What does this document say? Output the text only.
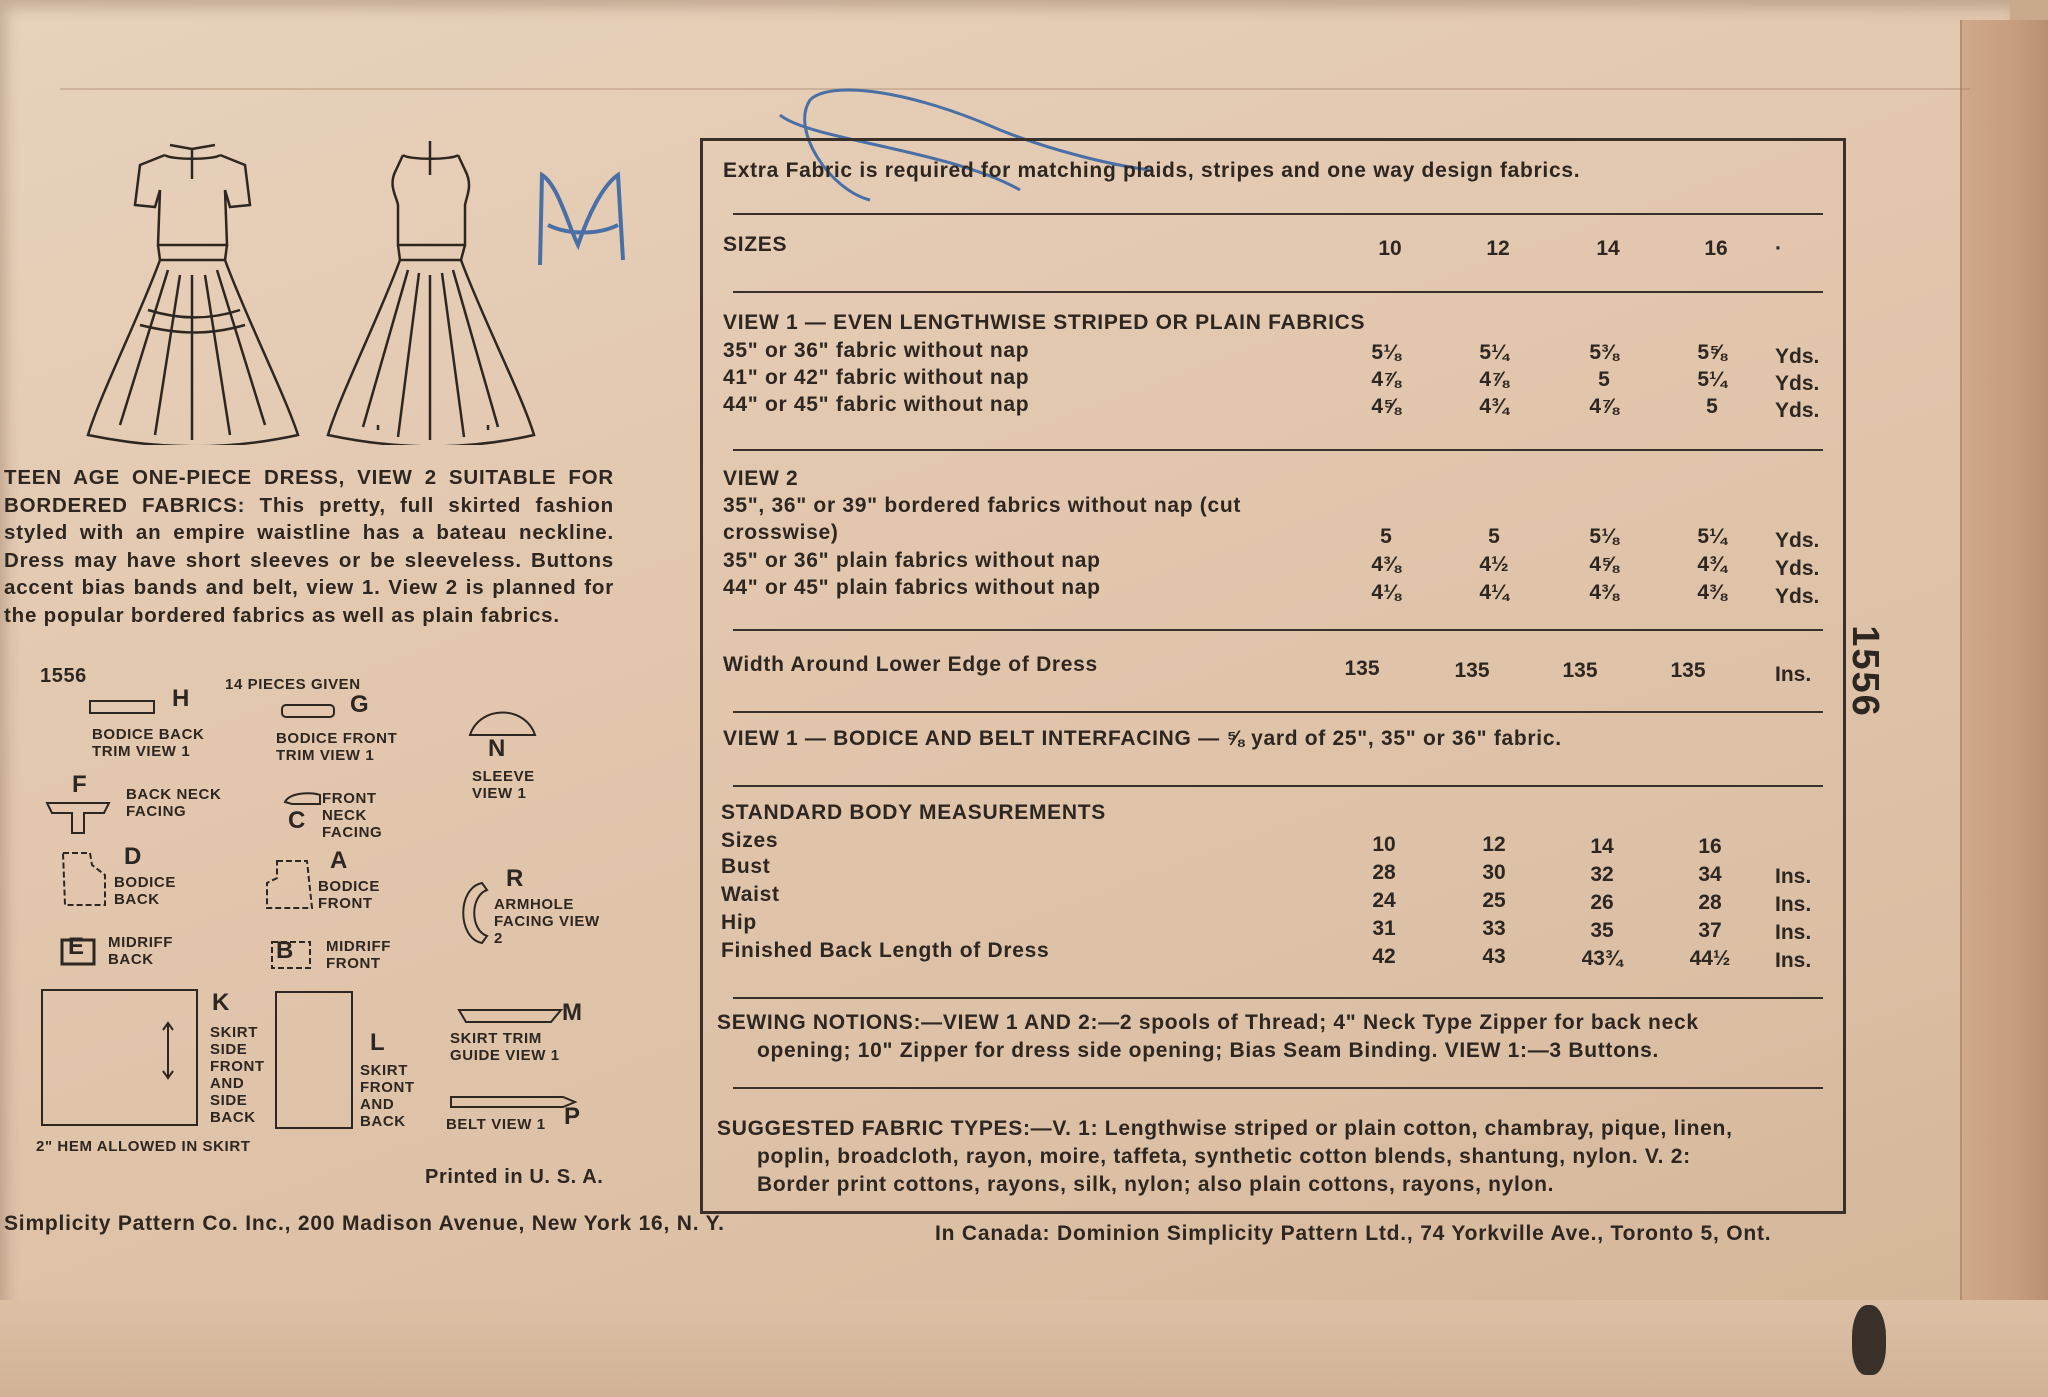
TEEN AGE ONE-PIECE DRESS, VIEW 2 SUITABLE FOR BORDERED FABRICS: This pretty, full skirted fashion styled with an empire waistline has a bateau neckline. Dress may have short sleeves or be sleeveless. Buttons accent bias bands and belt, view 1. View 2 is planned for the popular bordered fabrics as well as plain fabrics.
1556	14 PIECES GIVEN
H
BODICE BACK TRIM VIEW 1
G
BODICE FRONT TRIM VIEW 1	N
SLEEVE VIEW 1
F	BACK NECK FACING	C
FRONT NECK FACING
D
BODICE BACK
A
BODICE FRONT
R
ARMHOLE FACING VIEW 2
E MIDRIFF BACK	B MIDRIFF FRONT
K
SKIRT SIDE FRONT AND SIDE BACK
L
SKIRT FRONT AND BACK
2" HEM ALLOWED IN SKIRT
M
SKIRT TRIM GUIDE VIEW 1
P
BELT VIEW 1
Printed in U. S. A.
Simplicity Pattern Co. Inc., 200 Madison Avenue, New York 16, N. Y.	In Canada: Dominion Simplicity Pattern Ltd., 74 Yorkville Ave., Toronto 5, Ont.
1556
Extra Fabric is required for matching plaids, stripes and one way design fabrics.
SIZES	10	12	14	16	·
VIEW 1 — EVEN LENGTHWISE STRIPED OR PLAIN FABRICS
35" or 36" fabric without nap	5⅛	5¼	5⅜	5⅝	Yds.
41" or 42" fabric without nap	4⅞	4⅞	5	5¼	Yds.
44" or 45" fabric without nap	4⅝	4¾	4⅞	5	Yds.
VIEW 2
35", 36" or 39" bordered fabrics without nap (cut
crosswise)	5	5	5⅛	5¼	Yds.
35" or 36" plain fabrics without nap	4⅜	4½	4⅝	4¾	Yds.
44" or 45" plain fabrics without nap	4⅛	4¼	4⅜	4⅜	Yds.
Width Around Lower Edge of Dress	135	135	135	135	Ins.
VIEW 1 — BODICE AND BELT INTERFACING — ⅝ yard of 25", 35" or 36" fabric.
STANDARD BODY MEASUREMENTS
Sizes	10	12	14	16
Bust	28	30	32	34	Ins.
Waist	24	25	26	28	Ins.
Hip	31	33	35	37	Ins.
Finished Back Length of Dress	42	43	43¾	44½	Ins.
SEWING NOTIONS:—VIEW 1 AND 2:—2 spools of Thread; 4" Neck Type Zipper for back neck
opening; 10" Zipper for dress side opening; Bias Seam Binding. VIEW 1:—3 Buttons.
SUGGESTED FABRIC TYPES:—V. 1: Lengthwise striped or plain cotton, chambray, pique, linen,
poplin, broadcloth, rayon, moire, taffeta, synthetic cotton blends, shantung, nylon. V. 2:
Border print cottons, rayons, silk, nylon; also plain cottons, rayons, nylon.
